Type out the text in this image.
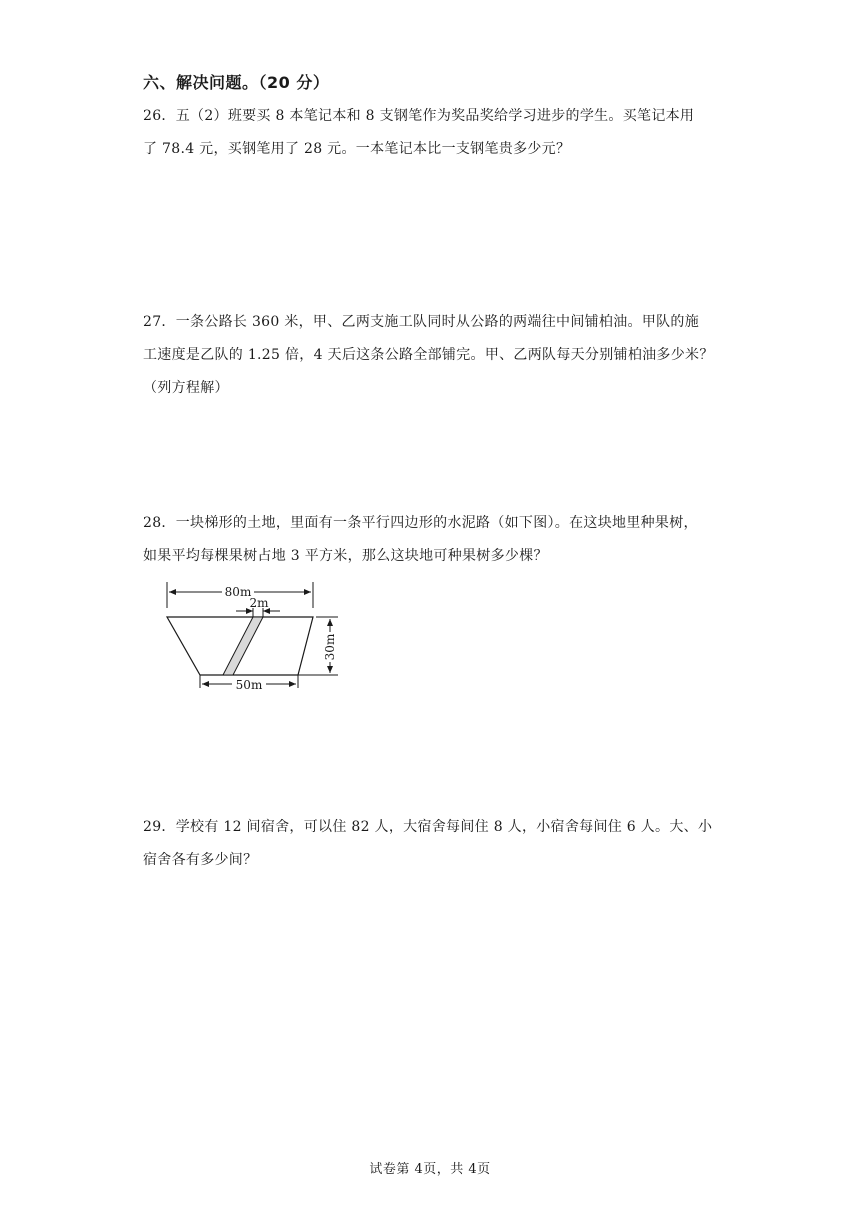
六、解决问题。（20 分）
26．五（2）班要买 8 本笔记本和 8 支钢笔作为奖品奖给学习进步的学生。买笔记本用
了 78.4 元，买钢笔用了 28 元。一本笔记本比一支钢笔贵多少元？
27．一条公路长 360 米，甲、乙两支施工队同时从公路的两端往中间铺柏油。甲队的施
工速度是乙队的 1.25 倍，4 天后这条公路全部铺完。甲、乙两队每天分别铺柏油多少米？
（列方程解）
28．一块梯形的土地，里面有一条平行四边形的水泥路（如下图）。在这块地里种果树，
如果平均每棵果树占地 3 平方米，那么这块地可种果树多少棵？
80m
2m
30m
50m
29．学校有 12 间宿舍，可以住 82 人，大宿舍每间住 8 人，小宿舍每间住 6 人。大、小
宿舍各有多少间？
试卷第 4页，共 4页
